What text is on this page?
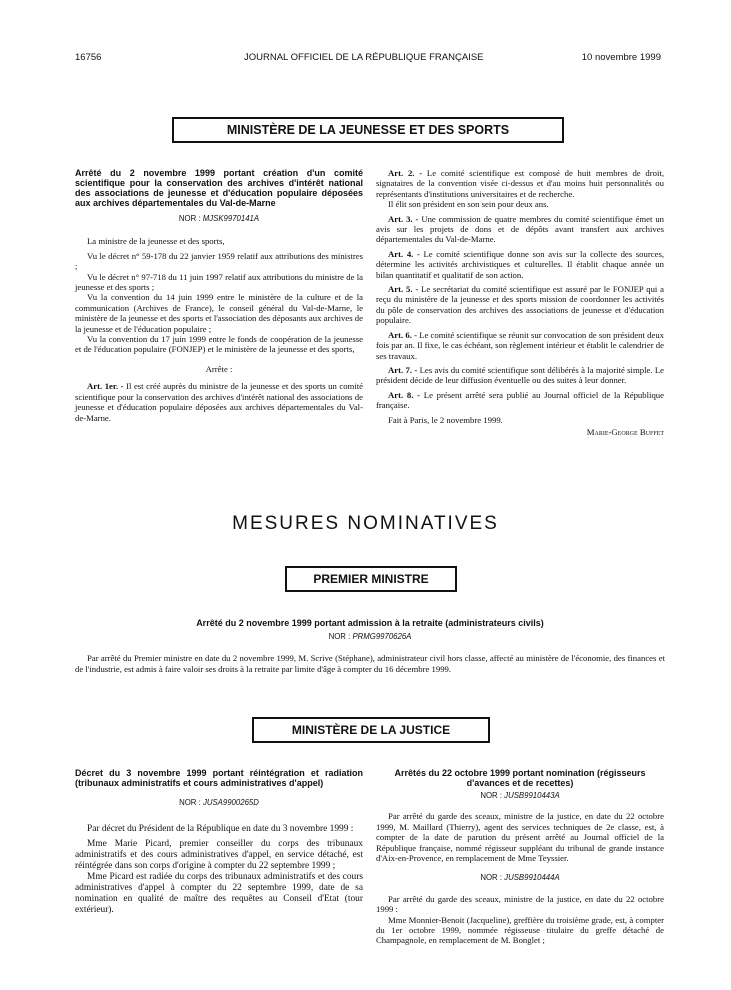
16756	JOURNAL OFFICIEL DE LA RÉPUBLIQUE FRANÇAISE	10 novembre 1999
MINISTÈRE DE LA JEUNESSE ET DES SPORTS
Arrêté du 2 novembre 1999 portant création d'un comité scientifique pour la conservation des archives d'intérêt national des associations de jeunesse et d'éducation populaire déposées aux archives départementales du Val-de-Marne
NOR : MJSK9970141A

La ministre de la jeunesse et des sports,

Vu le décret n° 59-178 du 22 janvier 1959 relatif aux attributions des ministres ;

Vu le décret n° 97-718 du 11 juin 1997 relatif aux attributions du ministre de la jeunesse et des sports ;

Vu la convention du 14 juin 1999 entre le ministère de la culture et de la communication (Archives de France), le conseil général du Val-de-Marne, le ministère de la jeunesse et des sports et l'association des déposants aux archives de la jeunesse et de l'éducation populaire ;

Vu la convention du 17 juin 1999 entre le fonds de coopération de la jeunesse et de l'éducation populaire (FONJEP) et le ministère de la jeunesse et des sports,

Arrête :

Art. 1er. - Il est créé auprès du ministre de la jeunesse et des sports un comité scientifique pour la conservation des archives d'intérêt national des associations de jeunesse et d'éducation populaire déposées aux archives départementales du Val-de-Marne.

Art. 2. - Le comité scientifique est composé de huit membres de droit, signataires de la convention visée ci-dessus et d'au moins huit personnalités ou représentants d'institutions universitaires et de recherche.

Il élit son président en son sein pour deux ans.

Art. 3. - Une commission de quatre membres du comité scientifique émet un avis sur les projets de dons et de dépôts avant transfert aux archives départementales du Val-de-Marne.

Art. 4. - Le comité scientifique donne son avis sur la collecte des sources, détermine les activités archivistiques et culturelles. Il établit chaque année un bilan quantitatif et qualitatif de son action.

Art. 5. - Le secrétariat du comité scientifique est assuré par le FONJEP qui a reçu du ministère de la jeunesse et des sports mission de coordonner les activités du pôle de conservation des archives des associations de jeunesse et d'éducation populaire.

Art. 6. - Le comité scientifique se réunit sur convocation de son président deux fois par an. Il fixe, le cas échéant, son règlement intérieur et établit le calendrier de ses travaux.

Art. 7. - Les avis du comité scientifique sont délibérés à la majorité simple. Le président décide de leur diffusion éventuelle ou des suites à leur donner.

Art. 8. - Le présent arrêté sera publié au Journal officiel de la République française.

Fait à Paris, le 2 novembre 1999.

Marie-George Buffet

MESURES NOMINATIVES
PREMIER MINISTRE
Arrêté du 2 novembre 1999 portant admission à la retraite (administrateurs civils)
NOR : PRMG9970626A

Par arrêté du Premier ministre en date du 2 novembre 1999, M. Scrive (Stéphane), administrateur civil hors classe, affecté au ministère de l'économie, des finances et de l'industrie, est admis à faire valoir ses droits à la retraite par limite d'âge à compter du 16 décembre 1999.

MINISTÈRE DE LA JUSTICE
Décret du 3 novembre 1999 portant réintégration et radiation (tribunaux administratifs et cours administratives d'appel)
NOR : JUSA9900265D

Par décret du Président de la République en date du 3 novembre 1999 :

Mme Marie Picard, premier conseiller du corps des tribunaux administratifs et des cours administratives d'appel, en service détaché, est réintégrée dans son corps d'origine à compter du 22 septembre 1999 ;

Mme Picard est radiée du corps des tribunaux administratifs et des cours administratives d'appel à compter du 22 septembre 1999, date de sa nomination en qualité de maître des requêtes au Conseil d'Etat (tour extérieur).

Arrêtés du 22 octobre 1999 portant nomination (régisseurs d'avances et de recettes)
NOR : JUSB9910443A

Par arrêté du garde des sceaux, ministre de la justice, en date du 22 octobre 1999, M. Maillard (Thierry), agent des services techniques de 2e classe, est, à compter de la date de parution du présent arrêté au Journal officiel de la République française, nommé régisseur suppléant du tribunal de grande instance d'Aix-en-Provence, en remplacement de Mme Teyssier.

NOR : JUSB9910444A

Par arrêté du garde des sceaux, ministre de la justice, en date du 22 octobre 1999 :

Mme Monnier-Benoit (Jacqueline), greffière du troisième grade, est, à compter du 1er octobre 1999, nommée régisseuse titulaire du greffe détaché de Champagnole, en remplacement de M. Bonglet ;
